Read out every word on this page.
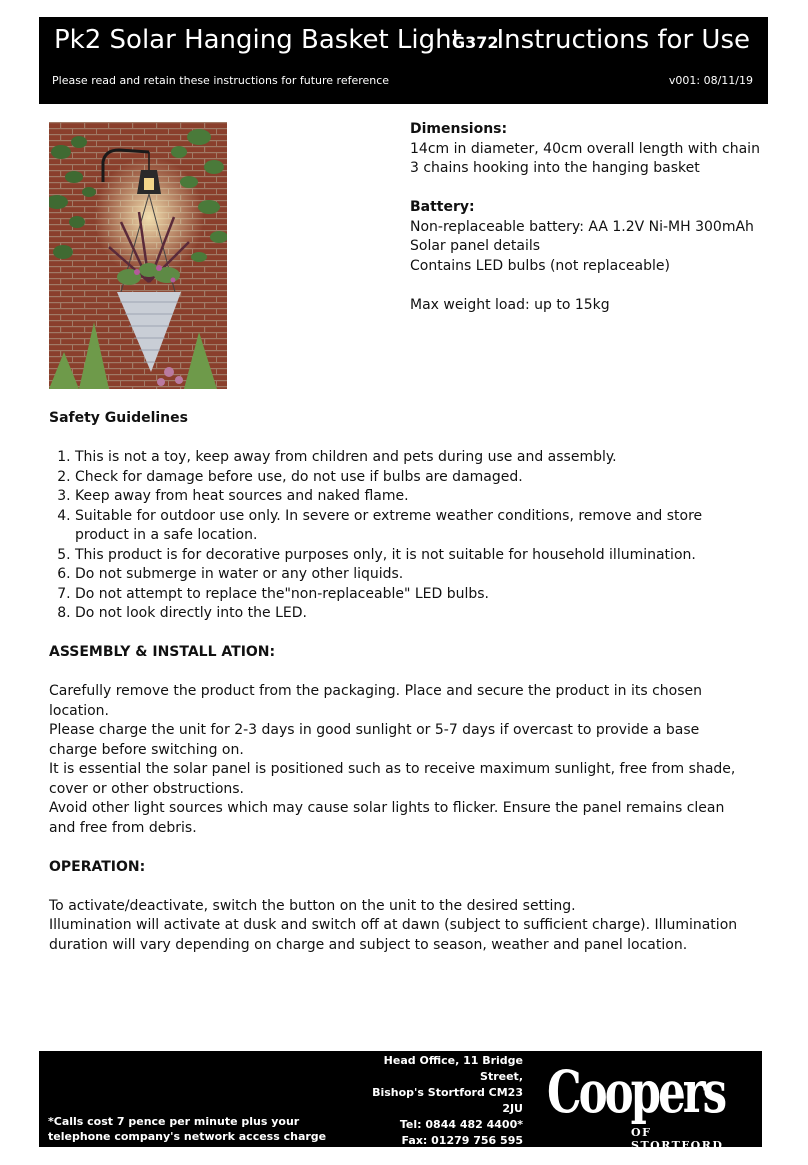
Pk2 Solar Hanging Basket Light
G372
Instructions for Use
Please read and retain these instructions for future reference	v001: 08/11/19
Dimensions:
14cm in diameter, 40cm overall length with chain
3 chains hooking into the hanging basket
Battery:
Non-replaceable battery: AA 1.2V Ni-MH 300mAh
Solar panel details
Contains LED bulbs (not replaceable)
Max weight load: up to 15kg
Safety Guidelines
1. This is not a toy, keep away from children and pets during use and assembly.
2. Check for damage before use, do not use if bulbs are damaged.
3. Keep away from heat sources and naked flame.
4. Suitable for outdoor use only. In severe or extreme weather conditions, remove and store product in a safe location.
5. This product is for decorative purposes only, it is not suitable for household illumination.
6. Do not submerge in water or any other liquids.
7. Do not attempt to replace the"non-replaceable" LED bulbs.
8. Do not look directly into the LED.
ASSEMBLY & INSTALL ATION:

Carefully remove the product from the packaging. Place and secure the product in its chosen location.

Please charge the unit for 2-3 days in good sunlight or 5-7 days if overcast to provide a base charge before switching on.

It is essential the solar panel is positioned such as to receive maximum sunlight, free from shade, cover or other obstructions.

Avoid other light sources which may cause solar lights to flicker. Ensure the panel remains clean and free from debris.

OPERATION:

To activate/deactivate, switch the button on the unit to the desired setting.

Illumination will activate at dusk and switch off at dawn (subject to sufficient charge). Illumination duration will vary depending on charge and subject to season, weather and panel location.

*Calls cost 7 pence per minute plus your
telephone company's network access charge
Head Office, 11 Bridge Street,
Bishop's Stortford CM23 2JU
Tel: 0844 482 4400*
Fax: 01279 756 595
www.coopersofstortford.co.uk
Coopers
OF STORTFORD
